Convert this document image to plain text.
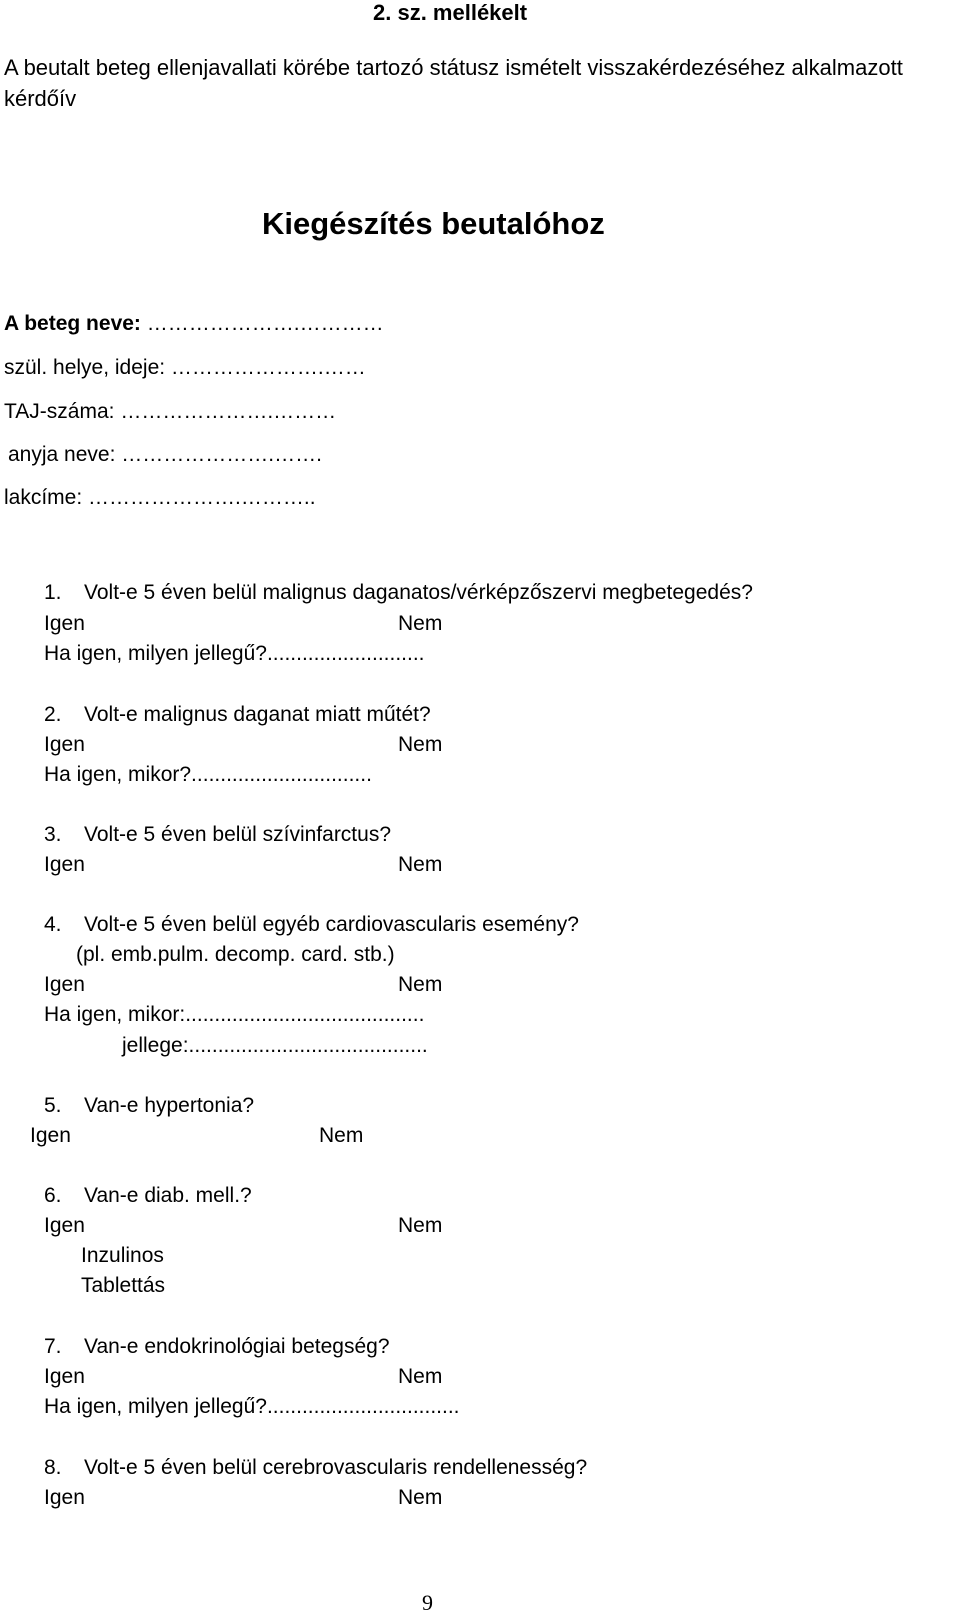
2. sz. mellékelt
A beutalt beteg ellenjavallati körébe tartozó státusz ismételt visszakérdezéséhez alkalmazott kérdőív
Kiegészítés beutalóhoz
A beteg neve: ………………….…………
szül. helye, ideje: ………………….……
TAJ-száma: ………………….………
anyja neve: ………………….…….
lakcíme: ………………….………..
1. Volt-e 5 éven belül malignus daganatos/vérképzőszervi megbetegedés?
Igen	Nem
Ha igen, milyen jellegű?...........................
2. Volt-e malignus daganat miatt műtét?
Igen	Nem
Ha igen, mikor?...............................
3. Volt-e 5 éven belül szívinfarctus?
Igen	Nem
4. Volt-e 5 éven belül egyéb cardiovascularis esemény?
(pl. emb.pulm. decomp. card. stb.)
Igen	Nem
Ha igen, mikor:.........................................
jellege:.........................................
5. Van-e hypertonia?
Igen	Nem
6. Van-e diab. mell.?
Igen	Nem
Inzulinos
Tablettás
7. Van-e endokrinológiai betegség?
Igen	Nem
Ha igen, milyen jellegű?.................................
8. Volt-e 5 éven belül cerebrovascularis rendellenesség?
Igen	Nem
9
